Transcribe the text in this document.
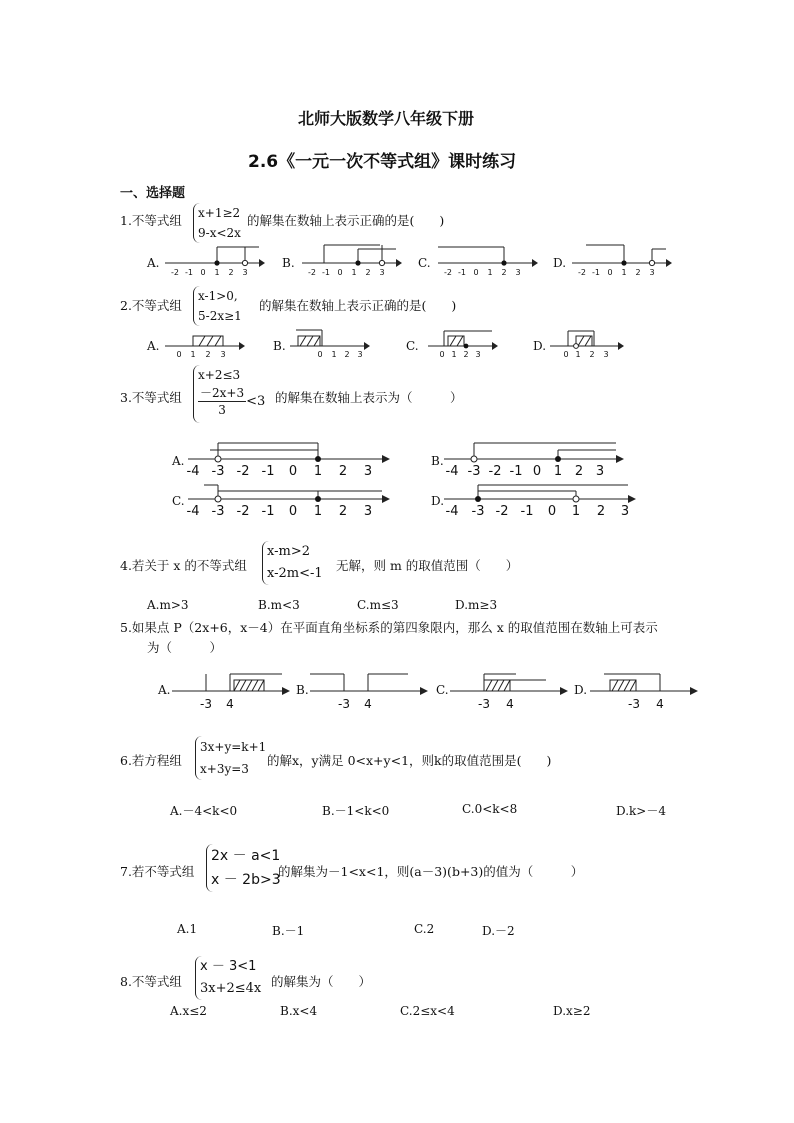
北师大版数学八年级下册
2.6《一元一次不等式组》课时练习
一、选择题
1.不等式组 x+1≥2
9-x<2x
的解集在数轴上表示正确的是(　　)
A.	B.	C.	D.
-2 -1 0 1 2 3	-2 -1 0 1 2 3	-2 -1 0 1 2 3	-2 -1 0 1 2 3
2.不等式组
x-1>0,
5-2x≥1
的解集在数轴上表示正确的是(　　)
A.	B.	C.	D.
0 1 2 3	0 1 2 3	0 1 2 3	0 1 2 3
3.不等式组
x+2≤3
$\frac{-2x+3}{3} <3$ 的解集在数轴上表示为（　　　）
A.	B.
C.	D.
-4 -3 -2 -1 0 1 2 3	-4 -3 -2 -1 0 1 2 3
-4 -3 -2 -1 0 1 2 3	-4 -3 -2 -1 0 1 2 3
4.若关于 x 的不等式组
x-m>2
x-2m<-1
无解，则 m 的取值范围（　　）
A.m>3	B.m<3	C.m≤3	D.m≥3
5.如果点 P（2x+6，x－4）在平面直角坐标系的第四象限内，那么 x 的取值范围在数轴上可表示
为（　　　）
A.	B.	C.	D.
-3 4	-3 4	-3 4	-3 4
6.若方程组
3x+y=k+1
x+3y=3
的解x，y满足 0<x+y<1，则k的取值范围是(　　)
A.－4<k<0	B.－1<k<0	C.0<k<8	D.k>－4
7.若不等式组
2x － a<1
x － 2b>3
的解集为－1<x<1，则(a－3)(b+3)的值为（　　　）
A.1	B.－1	C.2	D.－2
8.不等式组
x － 3<1
3x+2≤4x 的解集为（　　）
A.x≤2	B.x<4	C.2≤x<4	D.x≥2
